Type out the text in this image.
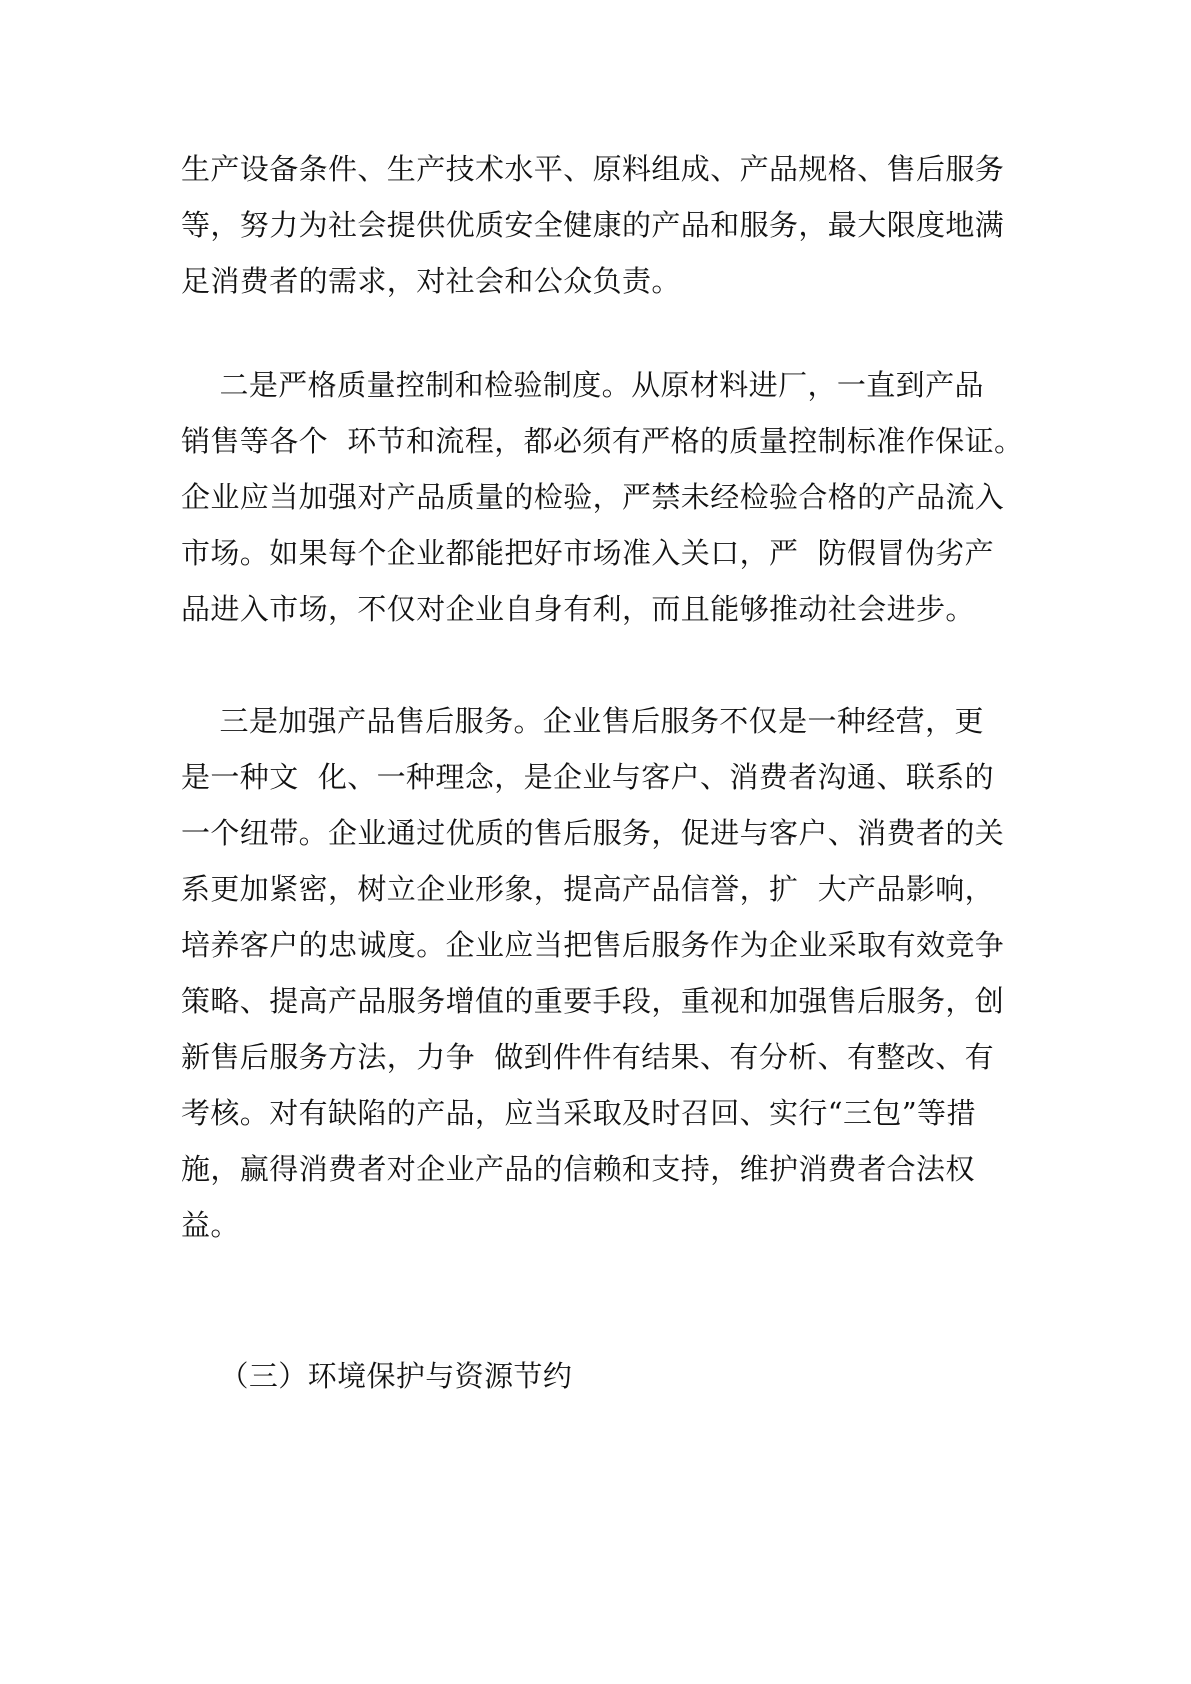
生产设备条件、生产技术水平、原料组成、产品规格、售后服务
等，努力为社会提供优质安全健康的产品和服务，最大限度地满
足消费者的需求，对社会和公众负责。
二是严格质量控制和检验制度。从原材料进厂，一直到产品
销售等各个  环节和流程，都必须有严格的质量控制标准作保证。
企业应当加强对产品质量的检验，严禁未经检验合格的产品流入
市场。如果每个企业都能把好市场准入关口，严  防假冒伪劣产
品进入市场，不仅对企业自身有利，而且能够推动社会进步。
三是加强产品售后服务。企业售后服务不仅是一种经营，更
是一种文  化、一种理念，是企业与客户、消费者沟通、联系的
一个纽带。企业通过优质的售后服务，促进与客户、消费者的关
系更加紧密，树立企业形象，提高产品信誉，扩  大产品影响，
培养客户的忠诚度。企业应当把售后服务作为企业采取有效竞争
策略、提高产品服务增值的重要手段，重视和加强售后服务，创
新售后服务方法，力争  做到件件有结果、有分析、有整改、有
考核。对有缺陷的产品，应当采取及时召回、实行“三包”等措
施，赢得消费者对企业产品的信赖和支持，维护消费者合法权
益。
（三）环境保护与资源节约
